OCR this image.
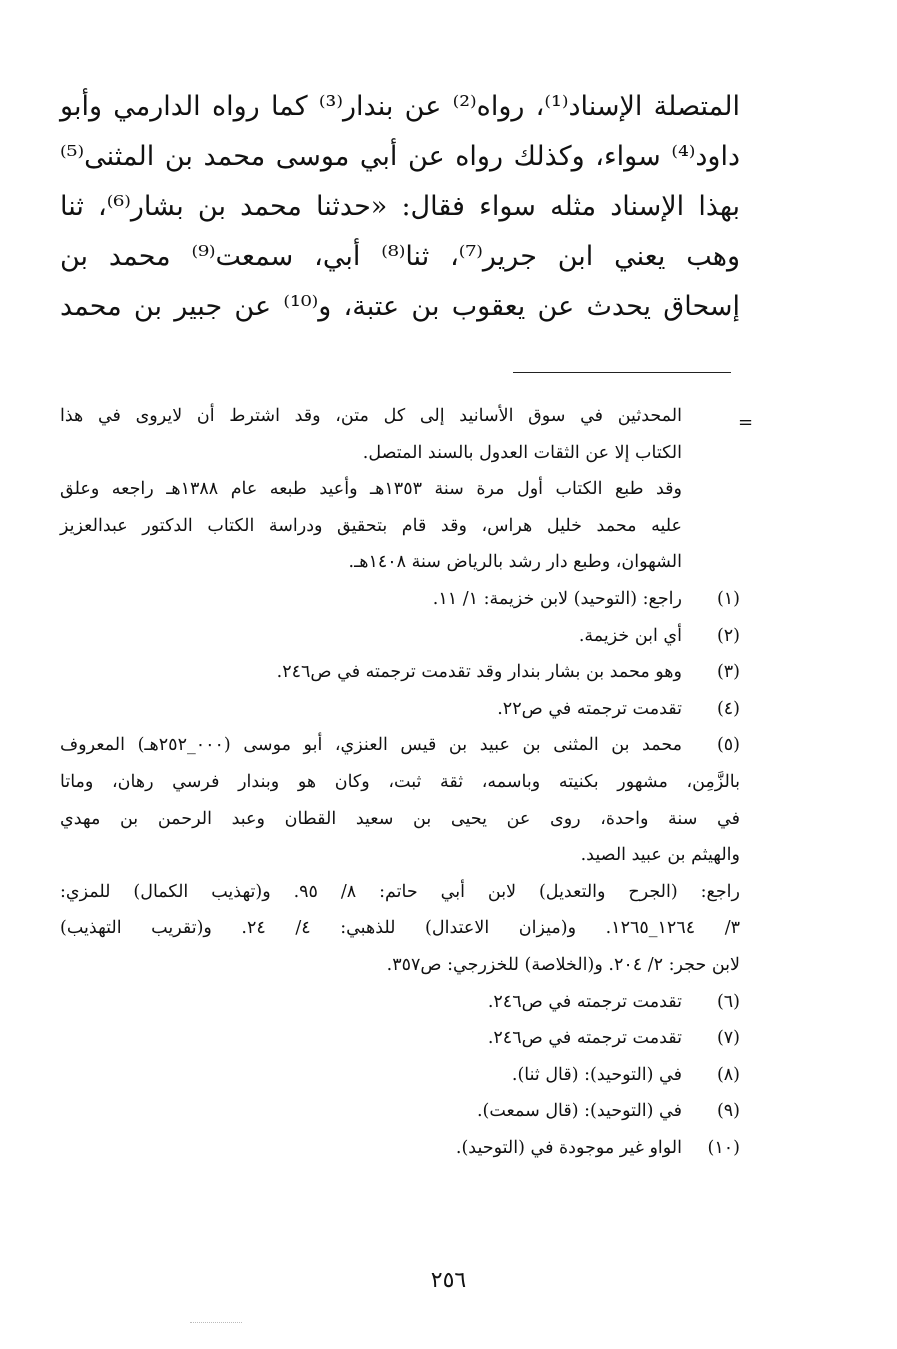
المتصلة الإسناد⁽¹⁾، رواه⁽²⁾ عن بندار⁽³⁾ كما رواه الدارمي وأبو
داود⁽⁴⁾ سواء، وكذلك رواه عن أبي موسى محمد بن المثنى⁽⁵⁾
بهذا الإسناد مثله سواء فقال: «حدثنا محمد بن بشار⁽⁶⁾، ثنا
وهب يعني ابن جرير⁽⁷⁾، ثنا⁽⁸⁾ أبي، سمعت⁽⁹⁾ محمد بن
إسحاق يحدث عن يعقوب بن عتبة، و⁽¹⁰⁾ عن جبير بن محمد
=
المحدثين في سوق الأسانيد إلى كل متن، وقد اشترط أن لايروى في هذا
الكتاب إلا عن الثقات العدول بالسند المتصل.
وقد طبع الكتاب أول مرة سنة ١٣٥٣هـ وأعيد طبعه عام ١٣٨٨هـ راجعه وعلق
عليه محمد خليل هراس، وقد قام بتحقيق ودراسة الكتاب الدكتور عبدالعزيز
الشهوان، وطبع دار رشد بالرياض سنة ١٤٠٨هـ.
(١)
راجع: (التوحيد) لابن خزيمة: ١/ ١١.
(٢)
أي ابن خزيمة.
(٣)
وهو محمد بن بشار بندار وقد تقدمت ترجمته في ص٢٤٦.
(٤)
تقدمت ترجمته في ص٢٢.
(٥)
محمد بن المثنى بن عبيد بن قيس العنزي، أبو موسى (٠٠٠_٢٥٢هـ) المعروف
بالزَّمِن، مشهور بكنيته وباسمه، ثقة ثبت، وكان هو وبندار فرسي رهان، وماتا
في سنة واحدة، روى عن يحيى بن سعيد القطان وعبد الرحمن بن مهدي
والهيثم بن عبيد الصيد.
راجع: (الجرح والتعديل) لابن أبي حاتم: ٨/ ٩٥. و(تهذيب الكمال) للمزي:
٣/ ١٢٦٤_١٢٦٥. و(ميزان الاعتدال) للذهبي: ٤/ ٢٤. و(تقريب التهذيب)
لابن حجر: ٢/ ٢٠٤. و(الخلاصة) للخزرجي: ص٣٥٧.
(٦)
تقدمت ترجمته في ص٢٤٦.
(٧)
تقدمت ترجمته في ص٢٤٦.
(٨)
في (التوحيد): (قال ثنا).
(٩)
في (التوحيد): (قال سمعت).
(١٠)
الواو غير موجودة في (التوحيد).
٢٥٦
